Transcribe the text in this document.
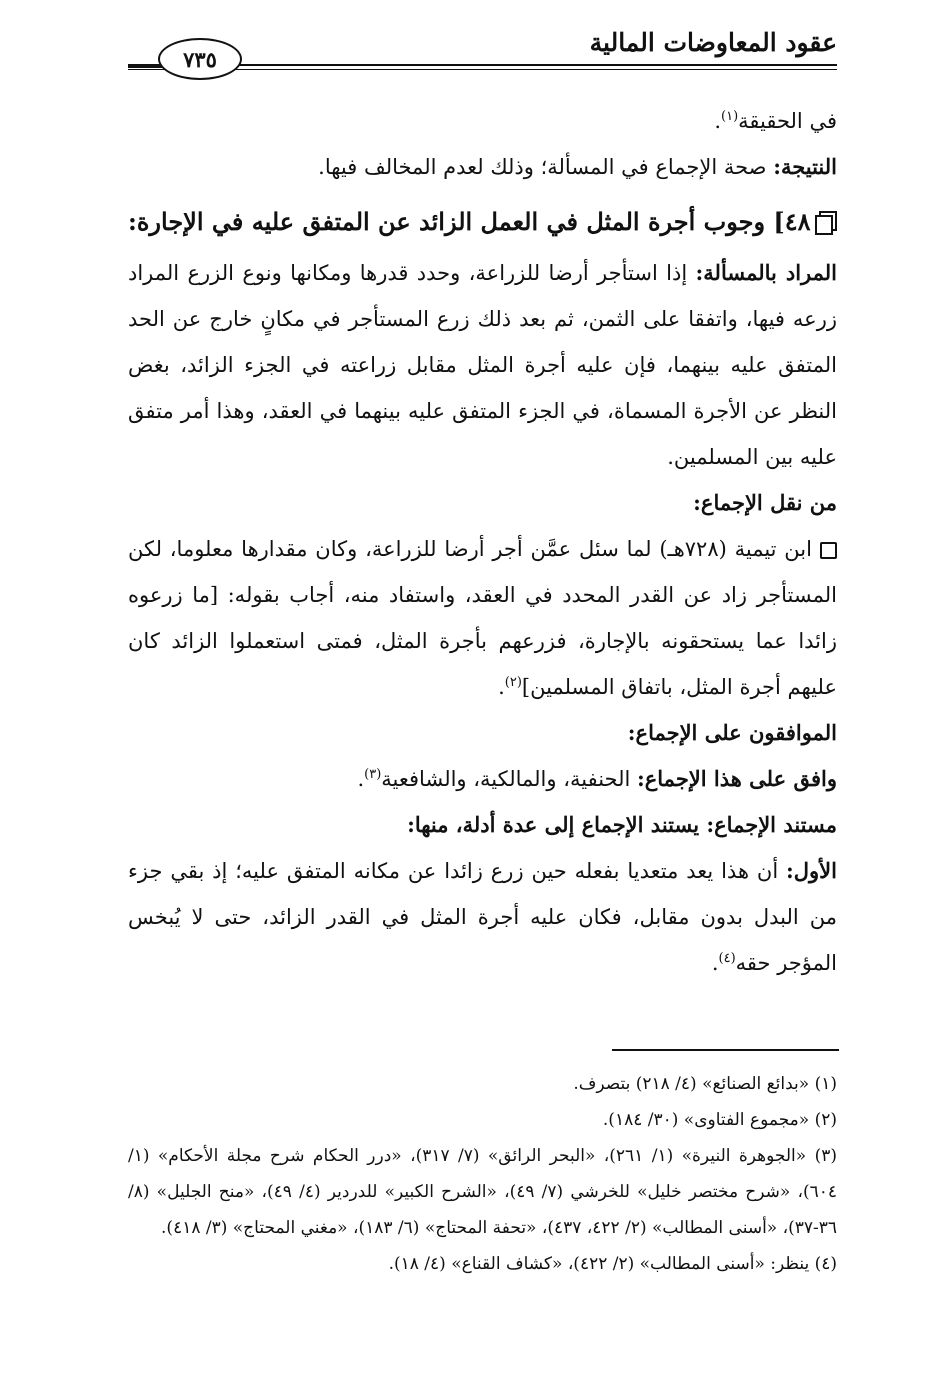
عقود المعاوضات المالية
٧٣٥

في الحقيقة$^{(١)}$.

النتيجة: صحة الإجماع في المسألة؛ وذلك لعدم المخالف فيها.

٤٨] وجوب أجرة المثل في العمل الزائد عن المتفق عليه في الإجارة:

المراد بالمسألة: إذا استأجر أرضا للزراعة، وحدد قدرها ومكانها ونوع الزرع المراد زرعه فيها، واتفقا على الثمن، ثم بعد ذلك زرع المستأجر في مكانٍ خارج عن الحد المتفق عليه بينهما، فإن عليه أجرة المثل مقابل زراعته في الجزء الزائد، بغض النظر عن الأجرة المسماة، في الجزء المتفق عليه بينهما في العقد، وهذا أمر متفق عليه بين المسلمين.

من نقل الإجماع:

ابن تيمية (٧٢٨هـ) لما سئل عمَّن أجر أرضا للزراعة، وكان مقدارها معلوما، لكن المستأجر زاد عن القدر المحدد في العقد، واستفاد منه، أجاب بقوله: [ما زرعوه زائدا عما يستحقونه بالإجارة، فزرعهم بأجرة المثل، فمتى استعملوا الزائد كان عليهم أجرة المثل، باتفاق المسلمين]$^{(٢)}$.

الموافقون على الإجماع:

وافق على هذا الإجماع: الحنفية، والمالكية، والشافعية$^{(٣)}$.

مستند الإجماع: يستند الإجماع إلى عدة أدلة، منها:

الأول: أن هذا يعد متعديا بفعله حين زرع زائدا عن مكانه المتفق عليه؛ إذ بقي جزء من البدل بدون مقابل، فكان عليه أجرة المثل في القدر الزائد، حتى لا يُبخس المؤجر حقه$^{(٤)}$.

(١) «بدائع الصنائع» (٤/ ٢١٨) بتصرف.

(٢) «مجموع الفتاوى» (٣٠/ ١٨٤).

(٣) «الجوهرة النيرة» (١/ ٢٦١)، «البحر الرائق» (٧/ ٣١٧)، «درر الحكام شرح مجلة الأحكام» (١/ ٦٠٤)، «شرح مختصر خليل» للخرشي (٧/ ٤٩)، «الشرح الكبير» للدردير (٤/ ٤٩)، «منح الجليل» (٨/ ٣٦-٣٧)، «أسنى المطالب» (٢/ ٤٢٢، ٤٣٧)، «تحفة المحتاج» (٦/ ١٨٣)، «مغني المحتاج» (٣/ ٤١٨).

(٤) ينظر: «أسنى المطالب» (٢/ ٤٢٢)، «كشاف القناع» (٤/ ١٨).
